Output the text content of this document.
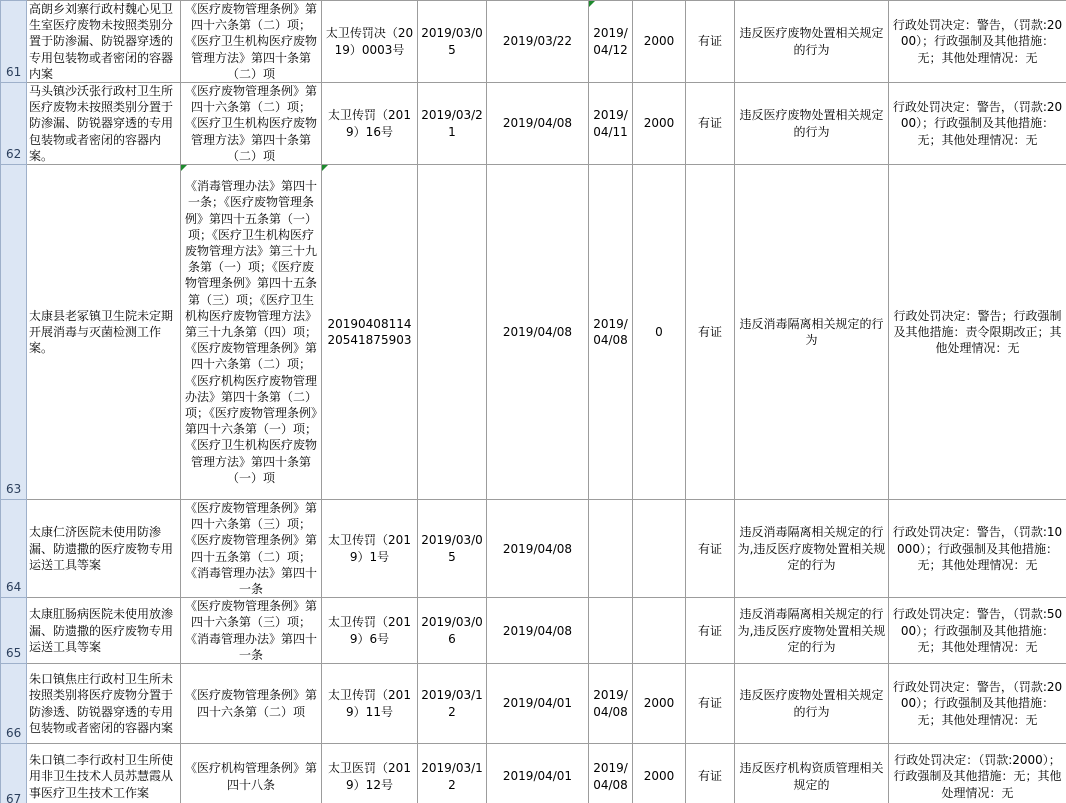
61	高朗乡刘寨行政村魏心见卫生室医疗废物未按照类别分置于防渗漏、防锐器穿透的专用包装物或者密闭的容器内案	《医疗废物管理条例》第四十六条第（二）项；《医疗卫生机构医疗废物管理方法》第四十条第（二）项	太卫传罚决（2019）0003号	2019/03/05	2019/03/22	2019/04/12	2000	有证	违反医疗废物处置相关规定的行为	行政处罚决定：警告，（罚款:2000）；行政强制及其他措施：无；其他处理情况：无
62	马头镇沙沃张行政村卫生所医疗废物未按照类别分置于防渗漏、防锐器穿透的专用包装物或者密闭的容器内案。	《医疗废物管理条例》第四十六条第（二）项；《医疗卫生机构医疗废物管理方法》第四十条第（二）项	太卫传罚（2019）16号	2019/03/21	2019/04/08	2019/04/11	2000	有证	违反医疗废物处置相关规定的行为	行政处罚决定：警告，（罚款:2000）；行政强制及其他措施：无；其他处理情况：无
63	太康县老冢镇卫生院未定期开展消毒与灭菌检测工作案。	《消毒管理办法》第四十一条；《医疗废物管理条例》第四十五条第（一）项；《医疗卫生机构医疗废物管理方法》第三十九条第（一）项；《医疗废物管理条例》第四十五条第（三）项；《医疗卫生机构医疗废物管理方法》第三十九条第（四）项；《医疗废物管理条例》第四十六条第（二）项；《医疗机构医疗废物管理办法》第四十条第（二）项；《医疗废物管理条例》第四十六条第（一）项；《医疗卫生机构医疗废物管理方法》第四十条第（一）项	2019040811420541875903		2019/04/08	2019/04/08	0	有证	违反消毒隔离相关规定的行为	行政处罚决定：警告；行政强制及其他措施：责令限期改正；其他处理情况：无
64	太康仁济医院未使用防渗漏、防遗撒的医疗废物专用运送工具等案	《医疗废物管理条例》第四十六条第（三）项；《医疗废物管理条例》第四十五条第（二）项；《消毒管理办法》第四十一条	太卫传罚（2019）1号	2019/03/05	2019/04/08			有证	违反消毒隔离相关规定的行为,违反医疗废物处置相关规定的行为	行政处罚决定：警告，（罚款:10000）；行政强制及其他措施：无；其他处理情况：无
65	太康肛肠病医院未使用放渗漏、防遗撒的医疗废物专用运送工具等案	《医疗废物管理条例》第四十六条第（三）项；《消毒管理办法》第四十一条	太卫传罚（2019）6号	2019/03/06	2019/04/08			有证	违反消毒隔离相关规定的行为,违反医疗废物处置相关规定的行为	行政处罚决定：警告，（罚款:5000）；行政强制及其他措施：无；其他处理情况：无
66	朱口镇焦庄行政村卫生所未按照类别将医疗废物分置于防渗透、防锐器穿透的专用包装物或者密闭的容器内案	《医疗废物管理条例》第四十六条第（二）项	太卫传罚（2019）11号	2019/03/12	2019/04/01	2019/04/08	2000	有证	违反医疗废物处置相关规定的行为	行政处罚决定：警告，（罚款:2000）；行政强制及其他措施：无；其他处理情况：无
67	朱口镇二李行政村卫生所使用非卫生技术人员苏慧霞从事医疗卫生技术工作案	《医疗机构管理条例》第四十八条	太卫医罚（2019）12号	2019/03/12	2019/04/01	2019/04/08	2000	有证	违反医疗机构资质管理相关规定的	行政处罚决定：（罚款:2000）；行政强制及其他措施：无；其他处理情况：无
